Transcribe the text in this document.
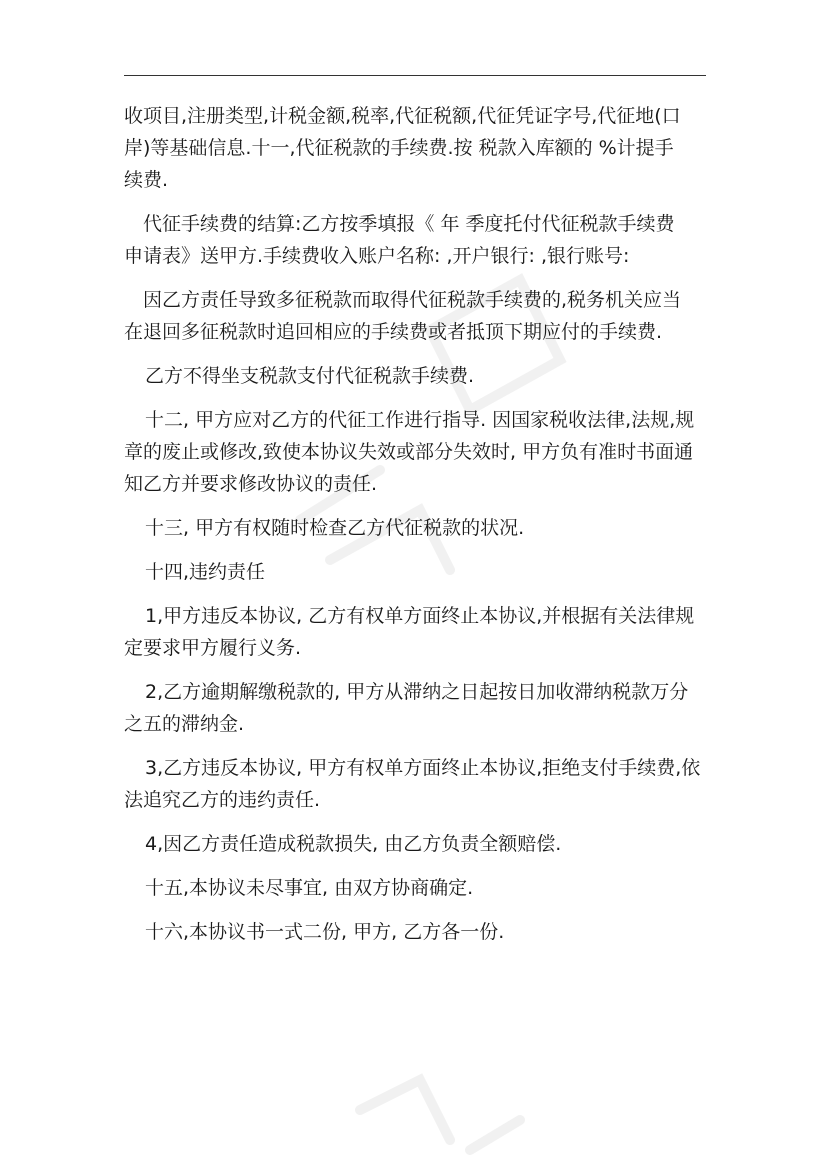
收项目,注册类型,计税金额,税率,代征税额,代征凭证字号,代征地(口
岸)等基础信息.十一,代征税款的手续费.按 税款入库额的 %计提手
续费.
代征手续费的结算:乙方按季填报《 年 季度托付代征税款手续费
申请表》送甲方.手续费收入账户名称: ,开户银行: ,银行账号:
因乙方责任导致多征税款而取得代征税款手续费的,税务机关应当
在退回多征税款时追回相应的手续费或者抵顶下期应付的手续费.
乙方不得坐支税款支付代征税款手续费.
十二, 甲方应对乙方的代征工作进行指导. 因国家税收法律,法规,规
章的废止或修改,致使本协议失效或部分失效时, 甲方负有准时书面通
知乙方并要求修改协议的责任.
十三, 甲方有权随时检查乙方代征税款的状况.
十四,违约责任
1,甲方违反本协议, 乙方有权单方面终止本协议,并根据有关法律规
定要求甲方履行义务.
2,乙方逾期解缴税款的, 甲方从滞纳之日起按日加收滞纳税款万分
之五的滞纳金.
3,乙方违反本协议, 甲方有权单方面终止本协议,拒绝支付手续费,依
法追究乙方的违约责任.
4,因乙方责任造成税款损失, 由乙方负责全额赔偿.
十五,本协议未尽事宜, 由双方协商确定.
十六,本协议书一式二份, 甲方, 乙方各一份.
